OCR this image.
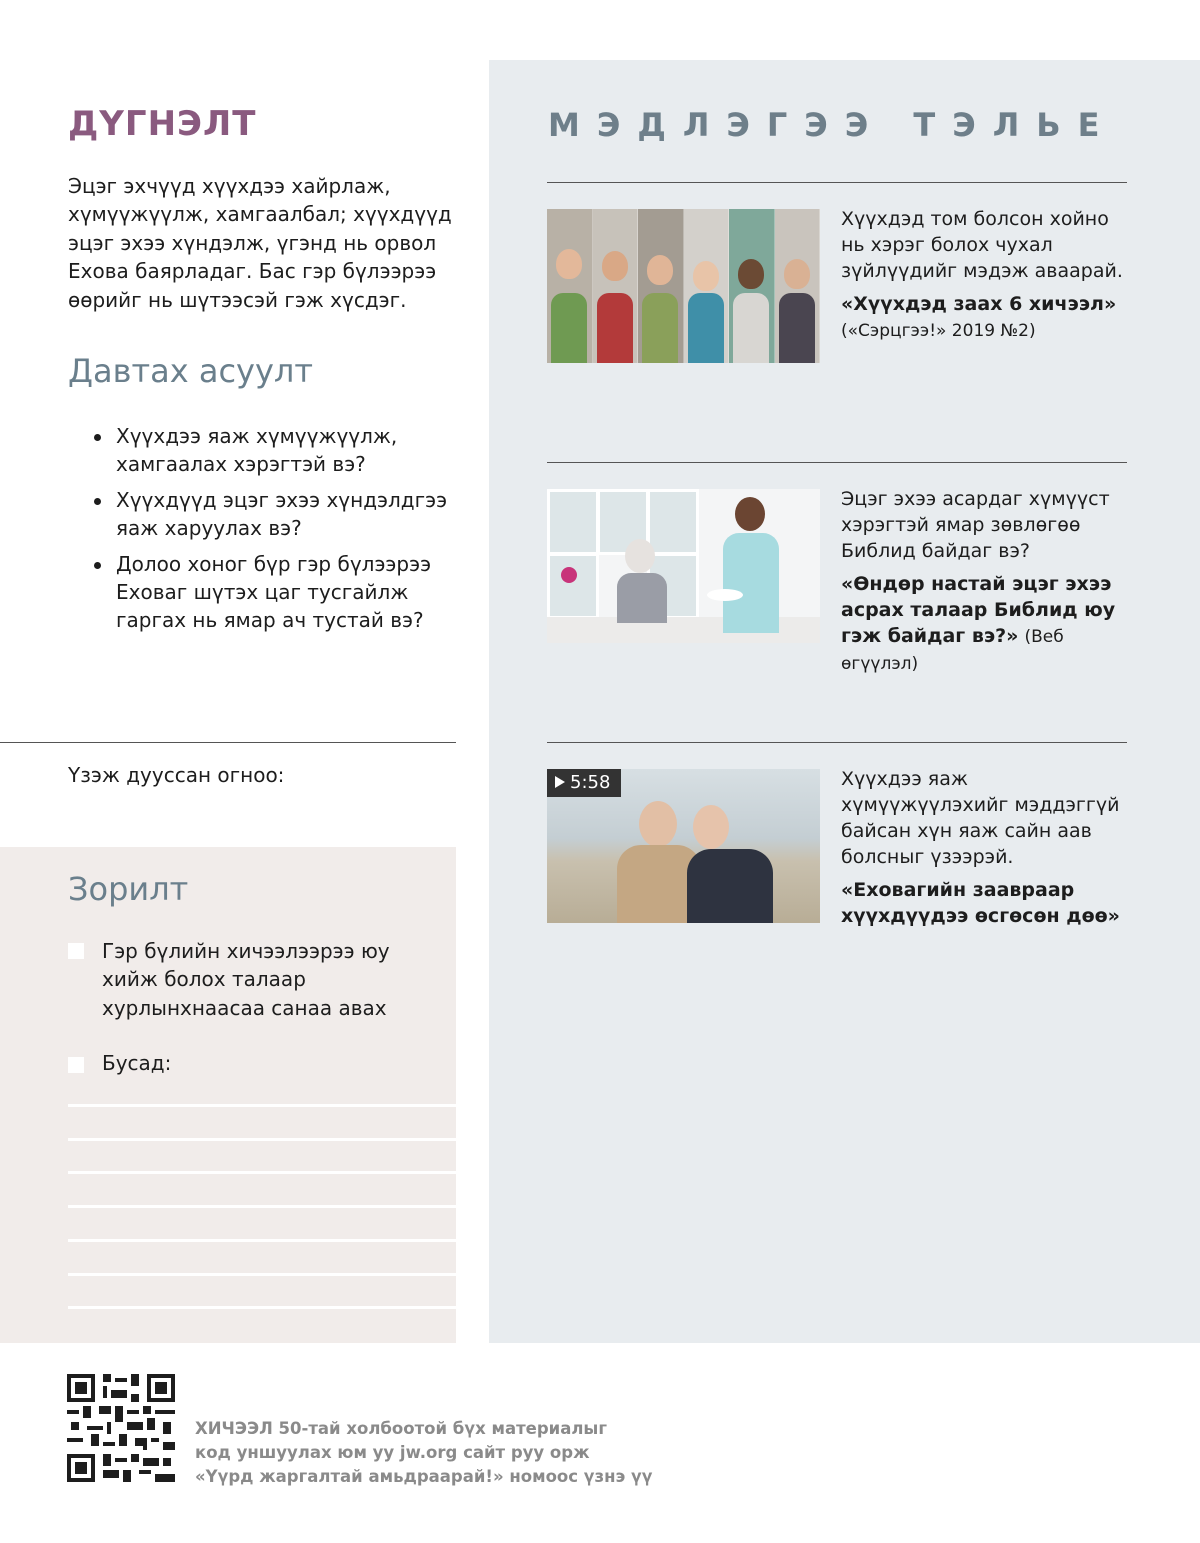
ДҮГНЭЛТ
Эцэг эхчүүд хүүхдээ хайрлаж, хүмүүжүүлж, хамгаалбал; хүүхдүүд эцэг эхээ хүндэлж, үгэнд нь орвол Ехова баярладаг. Бас гэр бүлээрээ өөрийг нь шүтээсэй гэж хүсдэг.
Давтах асуулт
Хүүхдээ яаж хүмүүжүүлж, хамгаалах хэрэгтэй вэ?
Хүүхдүүд эцэг эхээ хүндэлдгээ яаж харуулах вэ?
Долоо хоног бүр гэр бүлээрээ Еховаг шүтэх цаг тусгайлж гаргах нь ямар ач тустай вэ?
Үзэж дууссан огноо:
Зорилт
Гэр бүлийн хичээлээрээ юу хийж болох талаар хурлынхнаасаа санаа авах
Бусад:
МЭДЛЭГЭЭ ТЭЛЬЕ
Хүүхдэд том болсон хойно нь хэрэг болох чухал зүйлүүдийг мэдэж аваарай.
«Хүүхдэд заах 6 хичээл»
(«Сэрцгээ!» 2019 №2)
Эцэг эхээ асардаг хүмүүст хэрэгтэй ямар зөвлөгөө Библид байдаг вэ?
«Өндөр настай эцэг эхээ асрах талаар Библид юу гэж байдаг вэ?» (Веб өгүүлэл)
5:58	Хүүхдээ яаж хүмүүжүүлэхийг мэддэггүй байсан хүн яаж сайн аав болсныг үзээрэй.
«Еховагийн заавраар хүүхдүүдээ өсгөсөн дөө»
ХИЧЭЭЛ 50-тай холбоотой бүх материалыг
код уншуулах юм уу jw.org сайт руу орж
«Үүрд жаргалтай амьдраарай!» номоос үзнэ үү
